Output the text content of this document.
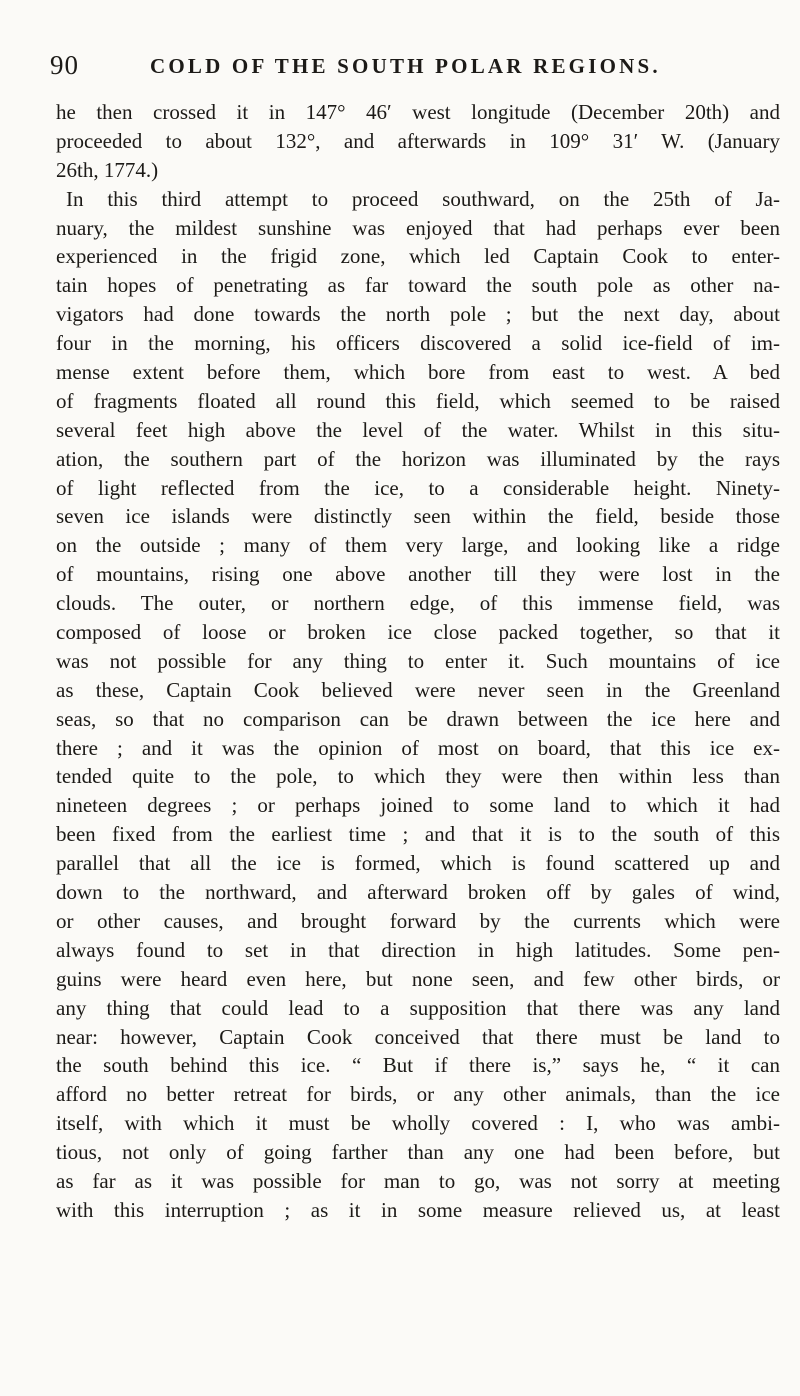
90	COLD OF THE SOUTH POLAR REGIONS.
he then crossed it in 147° 46′ west longitude (December 20th) and
proceeded to about 132°, and afterwards in 109° 31′ W. (January
26th, 1774.)
In this third attempt to proceed southward, on the 25th of Ja-
nuary, the mildest sunshine was enjoyed that had perhaps ever been
experienced in the frigid zone, which led Captain Cook to enter-
tain hopes of penetrating as far toward the south pole as other na-
vigators had done towards the north pole ; but the next day, about
four in the morning, his officers discovered a solid ice-field of im-
mense extent before them, which bore from east to west. A bed
of fragments floated all round this field, which seemed to be raised
several feet high above the level of the water. Whilst in this situ-
ation, the southern part of the horizon was illuminated by the rays
of light reflected from the ice, to a considerable height. Ninety-
seven ice islands were distinctly seen within the field, beside those
on the outside ; many of them very large, and looking like a ridge
of mountains, rising one above another till they were lost in the
clouds. The outer, or northern edge, of this immense field, was
composed of loose or broken ice close packed together, so that it
was not possible for any thing to enter it. Such mountains of ice
as these, Captain Cook believed were never seen in the Greenland
seas, so that no comparison can be drawn between the ice here and
there ; and it was the opinion of most on board, that this ice ex-
tended quite to the pole, to which they were then within less than
nineteen degrees ; or perhaps joined to some land to which it had
been fixed from the earliest time ; and that it is to the south of this
parallel that all the ice is formed, which is found scattered up and
down to the northward, and afterward broken off by gales of wind,
or other causes, and brought forward by the currents which were
always found to set in that direction in high latitudes. Some pen-
guins were heard even here, but none seen, and few other birds, or
any thing that could lead to a supposition that there was any land
near: however, Captain Cook conceived that there must be land to
the south behind this ice. “ But if there is,” says he, “ it can
afford no better retreat for birds, or any other animals, than the ice
itself, with which it must be wholly covered : I, who was ambi-
tious, not only of going farther than any one had been before, but
as far as it was possible for man to go, was not sorry at meeting
with this interruption ; as it in some measure relieved us, at least
